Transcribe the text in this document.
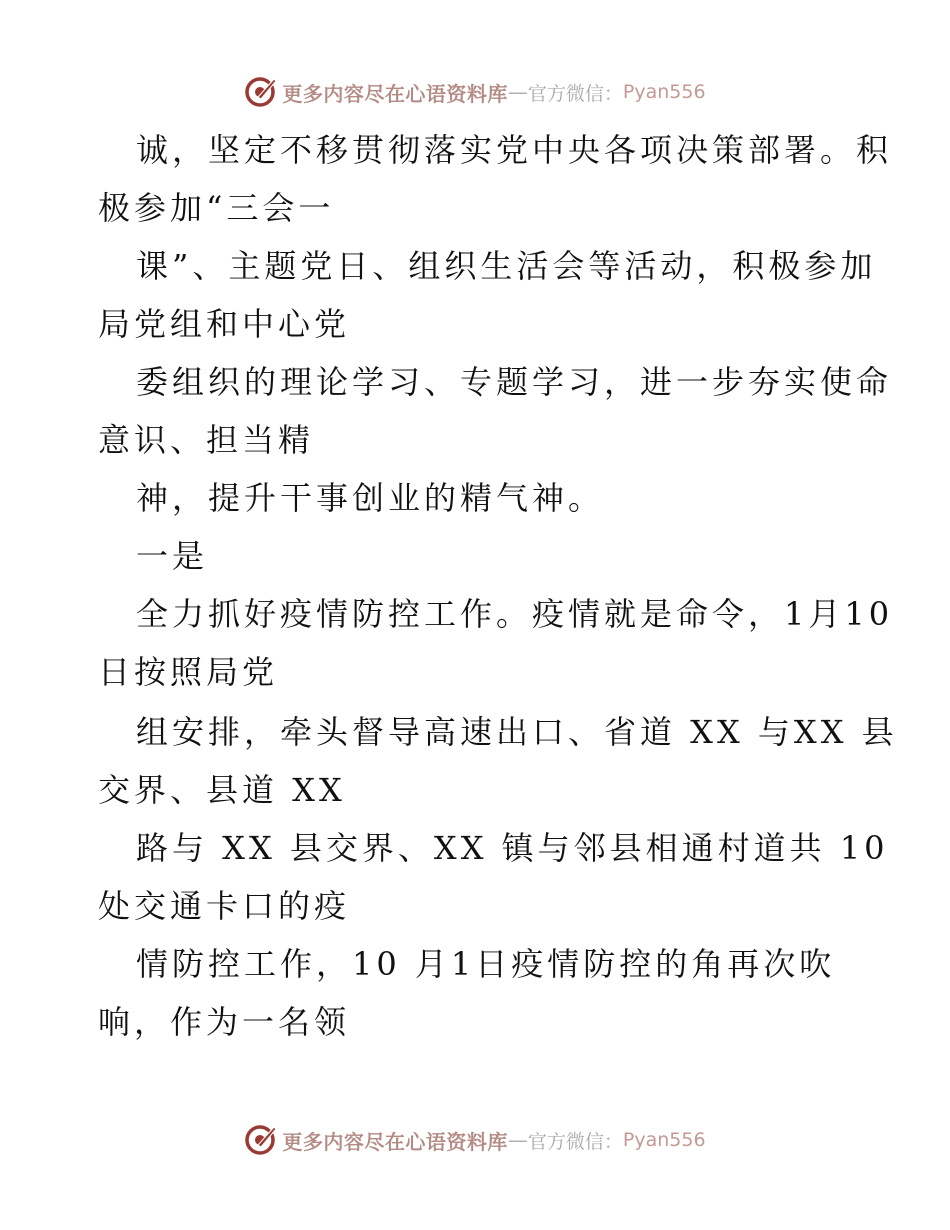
更多内容尽在心语资料库 — 官方微信： Pyan556
诚，坚定不移贯彻落实党中央各项决策部署。积
极参加“三会一
课”、主题党日、组织生活会等活动，积极参加
局党组和中心党
委组织的理论学习、专题学习，进一步夯实使命
意识、担当精
神，提升干事创业的精气神。
一是
全力抓好疫情防控工作。疫情就是命令，1月10
日按照局党
组安排，牵头督导高速出口、省道 XX 与XX 县
交界、县道 XX
路与 XX 县交界、XX 镇与邻县相通村道共 10
处交通卡口的疫
情防控工作，10 月1日疫情防控的角再次吹
响，作为一名领
更多内容尽在心语资料库 — 官方微信： Pyan556
